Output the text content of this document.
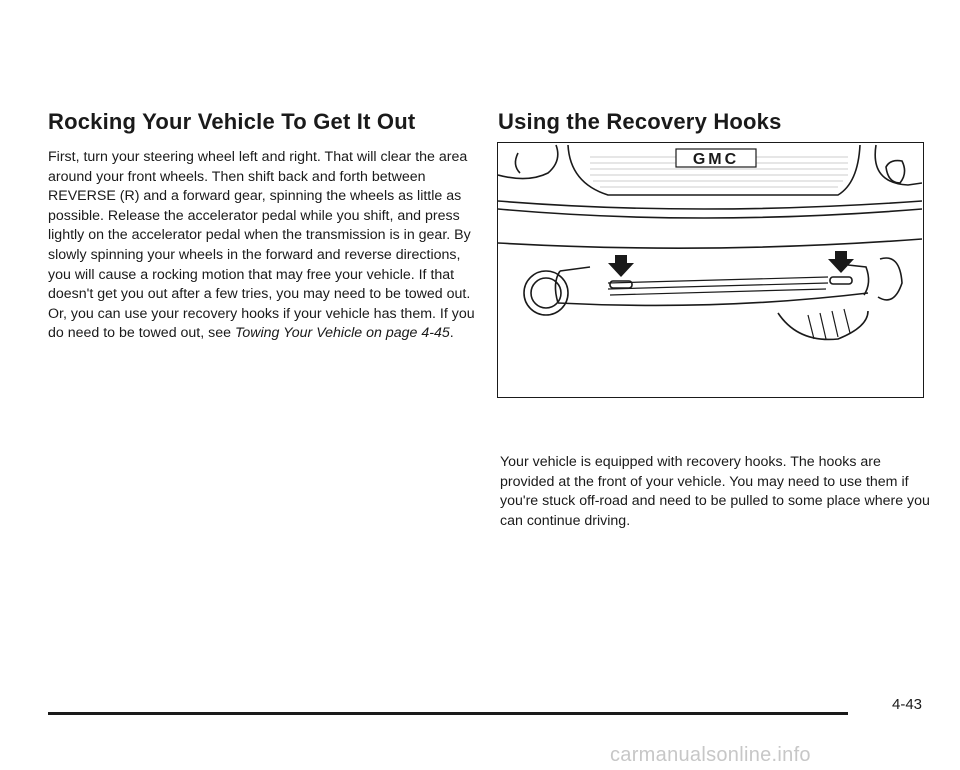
Rocking Your Vehicle To Get It Out

First, turn your steering wheel left and right. That will clear the area around your front wheels. Then shift back and forth between REVERSE (R) and a forward gear, spinning the wheels as little as possible. Release the accelerator pedal while you shift, and press lightly on the accelerator pedal when the transmission is in gear. By slowly spinning your wheels in the forward and reverse directions, you will cause a rocking motion that may free your vehicle. If that doesn't get you out after a few tries, you may need to be towed out. Or, you can use your recovery hooks if your vehicle has them. If you do need to be towed out, see Towing Your Vehicle on page 4-45.

Using the Recovery Hooks
GMC

Your vehicle is equipped with recovery hooks. The hooks are provided at the front of your vehicle. You may need to use them if you're stuck off-road and need to be pulled to some place where you can continue driving.

4-43
carmanualsonline.info
